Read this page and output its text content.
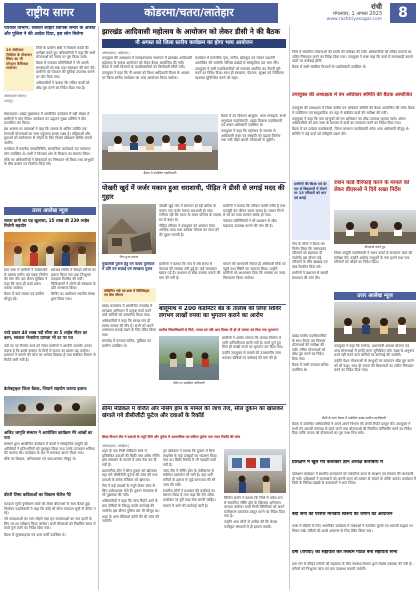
राष्ट्रीय सागर	कोडरमा/चतरा/लातेहार	रांची
मंगलवार, 1 अगस्त 2023
www.rashtriyasagar.com	8
पेयजल विभाग: ललिता लोहार लिपिक समीर के अजीत और पुलिस ने की आदेश दिया, इस लोन मिलेगा
25 जेसीआर टीवीप्रेम के मोवायल स्किप का भी योगदान कैमिकल गायोजन

जिले के ग्रामीण क्षेत्रों में विकास कार्यों की समीक्षा करते हुए अधिकारियों ने कहा कि सभी योजनाओं को समय पर पूरा किया जाये।

बैठक में पंचायत प्रतिनिधियों ने भी अपनी समस्याओं को रखा तथा समाधान की मांग की। ग्रामीणों को पेयजल की सुविधा उपलब्ध कराने पर जोर दिया गया।

अधिकारियों ने बताया कि लंबित कार्यों को शीघ्र पूरा करने का निर्देश दिया गया है।

संवाददाता पंकज ( पलामू )

संवाददाता। प्रखंड मुख्यालय में आयोजित कार्यक्रम में बड़ी संख्या में ग्रामीणों ने भाग लिया। कार्यक्रम का उद्घाटन मुख्य अतिथि ने दीप प्रज्वलित कर किया।

इस अवसर पर वक्ताओं ने कहा कि समाज के अंतिम व्यक्ति तक सरकारी योजनाओं का लाभ पहुंचाना हमारा लक्ष्य है। महिलाओं और युवाओं को स्वरोजगार से जोड़ने के लिए विशेष प्रशिक्षण शिविर लगाये जायेंगे।

कार्यक्रम में स्थानीय जनप्रतिनिधि, सामाजिक कार्यकर्ता एवं गणमान्य लोग उपस्थित थे। सभी ने मिलकर क्षेत्र के विकास का संकल्प लिया।

मौके पर अधिकारियों ने शिकायतों का निष्पादन भी किया तथा लाभुकों के बीच प्रमाण पत्र वितरित किये गये।

उत्तर आलेख न्यूज
सरला ग्रामो का यह खुलासा, 15 लाख की 239 लाहेब मिलेगी सहयोग

ग्राम सभा में ग्रामीणों ने सर्वसम्मति से प्रस्ताव पारित कर सड़क निर्माण की मांग की। इस दौरान मुखिया ने कहा कि जल्द ही कार्य प्रारंभ कराया जायेगा।

बैठक में वार्ड सदस्य एवं ग्रामीण मौजूद रहे।

स्वास्थ्य शिविर में सैकड़ों मरीजों का इलाज किया गया तथा निःशुल्क दवाइयां वितरित की गयीं। चिकित्सकों ने लोगों को स्वच्छता के प्रति जागरूक किया।

शिविर का आयोजन स्थानीय संस्था द्वारा किया गया।

परदे प्रकार 40 लाख नदी सीमा का 5 लाहेब मीटर का काम, सरकार भेजायेगा प्राणता भी दर पर पत्र

नदी तट पर निर्माण कार्य को लेकर ग्रामीणों ने आपत्ति जतायी। उनका कहना है कि इससे बरसात के दिनों में कटाव का खतरा बढ़ जायेगा। प्रशासन ने मामले की जांच का भरोसा दिलाया है तथा संबंधित विभाग से रिपोर्ट मांगी गयी है।

केलेक्ट्राइल जिला बैठक, जियाने सहयोग कराया इलाज
अजिद जागृति संस्थान ने आयोजित कार्यक्रम मेरे आंखों का पता

संस्थान द्वारा आयोजित कार्यक्रम में बच्चों ने सांस्कृतिक प्रस्तुति दी। अतिथियों ने प्रतिभागियों को पुरस्कृत किया तथा उनके उज्जवल भविष्य की कामना की। कार्यक्रम के अंत में धन्यवाद ज्ञापन किया गया।

मौके पर शिक्षक, अभिभावक एवं छात्र-छात्राएं मौजूद थे।

वोटरी लिस्ट कवित्राओं का विकास चैलेंज गैटे

मतदाता सूची पुनरीक्षण कार्य को लेकर बीएलओ के साथ बैठक हुई। निर्वाचन पदाधिकारी ने कहा कि कोई भी योग्य मतदाता सूची से वंचित न रहे।

नये मतदाताओं का नाम जोड़ने तथा मृत मतदाताओं का नाम हटाने के लिए घर-घर सर्वेक्षण किया जायेगा। सभी बीएलओ को निर्धारित समय में कार्य पूर्ण करने का निर्देश दिया गया।

बैठक में सुपरवाइजर एवं अन्य कर्मी उपस्थित थे।

झारखंड आदिवासी महोत्सव के आयोजन को लेकर डीसी ने की बैठक
नौ अगस्त को जिला स्तरीय कार्यक्रम का होगा भव्य आयोजन
संवाददाता ( कोडरमा )

उपायुक्त की अध्यक्षता में समाहरणालय सभागार में झारखंड आदिवासी महोत्सव के सफल आयोजन को लेकर बैठक आयोजित की गयी। बैठक में सभी विभागों के पदाधिकारियों को जिम्मेदारी सौंपी गयी।

उपायुक्त ने कहा कि नौ अगस्त को विश्व आदिवासी दिवस के अवसर पर जिला स्तरीय कार्यक्रम का भव्य आयोजन किया जायेगा।

कार्यक्रम में पारंपरिक नृत्य, संगीत, खेलकूद एवं व्यंजन प्रदर्शनी आयोजित की जायेगी। विभिन्न प्रखंडों से सांस्कृतिक दल भाग लेंगे।

उपायुक्त ने सभी पदाधिकारियों को समन्वय स्थापित कर तैयारी पूरी करने का निर्देश दिया। साथ ही स्वच्छता, पेयजल, सुरक्षा एवं चिकित्सा व्यवस्था सुनिश्चित करने को कहा।

बैठक में उपस्थित पदाधिकारी

बैठक में उप विकास आयुक्त, अपर समाहर्ता, सभी अनुमंडल पदाधिकारी, प्रखंड विकास पदाधिकारी एवं अंचल अधिकारी उपस्थित थे।

उपायुक्त ने कहा कि महोत्सव के माध्यम से आदिवासी कला एवं संस्कृति को बढ़ावा मिलेगा तथा नयी पीढ़ी अपनी परंपराओं से जुड़ेगी।

जिले में संचालित योजनाओं की प्रगति की समीक्षा की गयी। अधिकारियों को लंबित मामलों का त्वरित निष्पादन करने का निर्देश दिया गया। उपायुक्त ने स्पष्ट कहा कि कार्य में लापरवाही बरतने वालों पर कार्रवाई होगी।

बैठक में सभी संबंधित विभागों के पदाधिकारी उपस्थित थे।

उपायुक्त की अध्यक्षता में वन अधिकार समिति की बैठक आयोजित

उपायुक्त की अध्यक्षता में जिला स्तरीय वन अधिकार समिति की बैठक आयोजित की गयी। बैठक में व्यक्तिगत एवं सामुदायिक वन पट्टा से संबंधित दावों की समीक्षा की गयी।

उपायुक्त ने कहा कि पात्र लाभुकों को वन अधिकार पत्र शीघ्र उपलब्ध कराया जाये। अंचल अधिकारियों को ग्राम सभा के माध्यम से दावों का सत्यापन करने का निर्देश दिया गया।

बैठक में वन प्रमंडल पदाधिकारी, जिला कल्याण पदाधिकारी समेत अन्य अधिकारी मौजूद थे। समिति ने कई दावों को स्वीकृति प्रदान की।

पोखरी खुर्द में जर्जर मकान हुआ धराशायी, पीड़ित ने डीसी से लगाई मदद की गुहार
गिरा हुआ मकान

पोखरी खुर्द गांव में लगातार हो रही बारिश के कारण एक जर्जर मकान धराशायी हो गया। गनीमत रही कि घटना के समय परिवार के सदस्य घर से बाहर थे।

पीड़ित परिवार ने उपायुक्त को आवेदन देकर आर्थिक मदद तथा आवास योजना का लाभ देने की गुहार लगायी है।

ग्रामीणों ने बताया कि परिवार काफी गरीब है तथा मजदूरी कर जीवन यापन करता है। मकान गिरने से घर का सारा सामान बर्बाद हो गया।

पंचायत प्रतिनिधियों ने भी प्रशासन से शीघ्र सहायता उपलब्ध कराने की मांग की है।

ग्रामीणों की बैठक एवं देर रात से विद्यालयों में रोकने पर 15 परिवारों को धान एवं कपड़े

गांव के लोगों ने बैठक कर निर्णय लिया कि जरूरतमंद परिवारों को सहायता दी जायेगी। इस दौरान कई परिवारों के बीच खाद्यान्न एवं वस्त्र वितरित किये गये।

ग्रामीणों ने प्रशासन से स्थायी समाधान की मांग की।

राशन कार्ड वैरिफाई करने के मामले को लेकर डीएसओ ने दिये सख्त निर्देश
डीएसओ करते हुए

जिला आपूर्ति पदाधिकारी ने राशन कार्डों के सत्यापन कार्य की समीक्षा की। उन्होंने अयोग्य लाभुकों के नाम हटाने तथा पात्र परिवारों को जोड़ने का निर्देश दिया।

उत्तर आलेख न्यूज
मुख्यमंत्री पुरूष हेतु वन कवच पुरस्कार में प्रति एवं सफ़ाई एवं स्वच्छता पुरूष
कोहिनिन नदी एवं डाक में सिलिकेट्स एवं बोध भीगाव

प्रखंड कार्यालय में आयोजित समारोह में स्वच्छता अभियान में उत्कृष्ट कार्य करने वाले कर्मियों को सम्मानित किया गया।

अधिकारियों ने कहा कि स्वच्छ गांव ही स्वस्थ समाज की नींव है। सभी को अपने आसपास सफाई रखने के लिए प्रेरित किया गया।

समारोह में पंचायत सचिव, मुखिया एवं ग्रामीण उपस्थित थे।

ग्रामीणों ने बताया कि गांव में लंबे समय से पेयजल की समस्या बनी हुई है। कई चापाकल खराब पड़े हैं। प्रशासन से शीघ्र मरम्मत कराने की मांग की गयी है।

मामले की जानकारी मिलते ही अधिकारी मौके पर पहुंचे तथा स्थिति का जायजा लिया। उन्होंने ग्रामीणों को आश्वासन दिया कि समस्या का जल्द निराकरण किया जायेगा।

बालूमाथ में 200 कंडोमेटर बेड के तालाब को लिया शिविर लगभग लाखों रुपया का भुगतान कराने का आरोप
ग्रामीण जिलाधिकारी से मिले, गायब एवं यदि आप दिवस भी हो तो मनाया एवं दिया गया भुगतान?
मौके पर उपस्थित अधिकारी

ग्रामीणों ने आरोप लगाया कि तालाब निर्माण में भारी अनियमितता बरती गयी है। कार्य पूर्ण हुए बिना ही लाखों रुपये का भुगतान कर दिया गया।

उन्होंने उपायुक्त से मामले की उच्चस्तरीय जांच कराकर दोषियों पर कार्रवाई की मांग की है।

सीमा मेडिकल में वर्जित और नर्सिंग होम के मामले की जांच तेज, सील दुकान को खोलकर खंगाले गये डीसीजीटी फुटेज और दवाओं के रिकॉर्ड
शिक्षा विभाग टीम ने दवाओं के नमूने लिये और फुटेज में आपराधिक एवं संदिग्ध फुटेज तथा गलत रिकॉर्ड की जांच
संवाददाता ( लातेहार )

शहर के एक निजी मेडिकल स्टोर में प्रतिबंधित दवाओं की बिक्री तथा अवैध नर्सिंग होम संचालन के मामले में जांच तेज कर दी गयी है।

प्रशासनिक टीम ने सील दुकान को खोलकर वहां लगे सीसीटीवी फुटेज की जांच की तथा दवाओं के स्टॉक रजिस्टर को खंगाला।

टीम ने कई दवाओं के नमूने लेकर जांच के लिए प्रयोगशाला भेजे हैं। दुकान संचालक से भी पूछताछ की गयी।

अधिकारियों ने कहा कि जांच रिपोर्ट आने के बाद दोषियों के विरुद्ध कठोर कार्रवाई की जायेगी। इस दौरान पुलिस बल भी मौजूद था।

शहर के अन्य मेडिकल स्टोरों की भी जांच की जायेगी।

ड्रग इंस्पेक्टर ने बताया कि दुकान में बिना लाइसेंस के कई दवाइयों का भंडारण किया गया था। बिक्री रिकॉर्ड में भी गड़बड़ी पायी गयी है।

जांच टीम ने नर्सिंग होम के पंजीकरण से संबंधित दस्तावेज भी मांगे हैं। वहां भर्ती मरीजों के इलाज से जुड़े कागजात की भी जांच की गयी।

स्थानीय लोगों ने प्रशासन की कार्रवाई का स्वागत किया है तथा कहा कि ऐसे अवैध कारोबार पर पूरी तरह रोक लगनी चाहिए।

मामले में आगे की कार्रवाई जारी है।

सिविल सर्जन ने बताया कि जिले में अवैध रूप से संचालित नर्सिंग होम के खिलाफ अभियान चलाया जायेगा। सभी निजी क्लिनिकों को अपने पंजीकरण दस्तावेज प्रस्तुत करने का निर्देश दिया गया है।

उन्होंने आम लोगों से अपील की कि केवल पंजीकृत संस्थानों में ही इलाज करायें।

प्रखंड स्तरीय पदाधिकारियों के साथ बैठक कर विकास योजनाओं की समीक्षा की गयी। लंबित योजनाओं को शीघ्र पूरा करने का निर्देश दिया गया।

बैठक में सभी पंचायत सचिव उपस्थित थे।

डीसी के साथ बैठक में उपस्थित प्रखंड स्तरीय पदाधिकारी

उपायुक्त ने कहा कि मनरेगा, प्रधानमंत्री आवास योजना एवं अन्य योजनाओं में प्रगति लाना सुनिश्चित करें। लक्ष्य के अनुरूप कार्य नहीं करने वाले कर्मियों पर कार्रवाई की जायेगी।

उन्होंने पेंशन योजनाओं के लाभुकों का सत्यापन शीघ्र पूरा करने को भी कहा। साथ ही जनता की शिकायतों का त्वरित निष्पादन करने का निर्देश दिया गया।

बैठक में उपस्थित अधिकारियों ने अपने-अपने विभाग की प्रगति रिपोर्ट प्रस्तुत की। उपायुक्त ने सभी को आपसी समन्वय से कार्य करने तथा योजनाओं की नियमित मॉनिटरिंग करने का निर्देश दिया ताकि जनता को योजनाओं का पूरा लाभ मिल सके।

प्रशिक्षण में खुल गये कलाकार ज्ञान अध्यक्ष कारोबारी में

प्रशिक्षण कार्यक्रम में स्थानीय कलाकारों को पारंपरिक कला के संरक्षण एवं संवर्धन की जानकारी दी गयी। प्रशिक्षकों ने कलाकारों को अपनी कला को बाजार से जोड़ने के तरीके बताये। कार्यक्रम में जिले के विभिन्न प्रखंडों से कलाकारों ने भाग लिया।

बंदी जनों को परस्पर मानवीय स्वरूप को जगाने का आयोजन

कारा में बंदियों के लिए आयोजित कार्यक्रम में वक्ताओं ने मानवीय मूल्यों एवं आपसी सद्भाव पर विचार रखे। बंदियों को अच्छे आचरण के लिए प्रेरित किया गया।

दमा (रेपियो) को सहायता कर सिस्टम गठित बना सहायता सभा

दमा रोग से पीड़ित मरीजों की सहायता के लिए स्वास्थ्य विभाग द्वारा विशेष व्यवस्था की गयी है। मरीजों को निःशुल्क जांच एवं दवा उपलब्ध करायी जायेगी।
